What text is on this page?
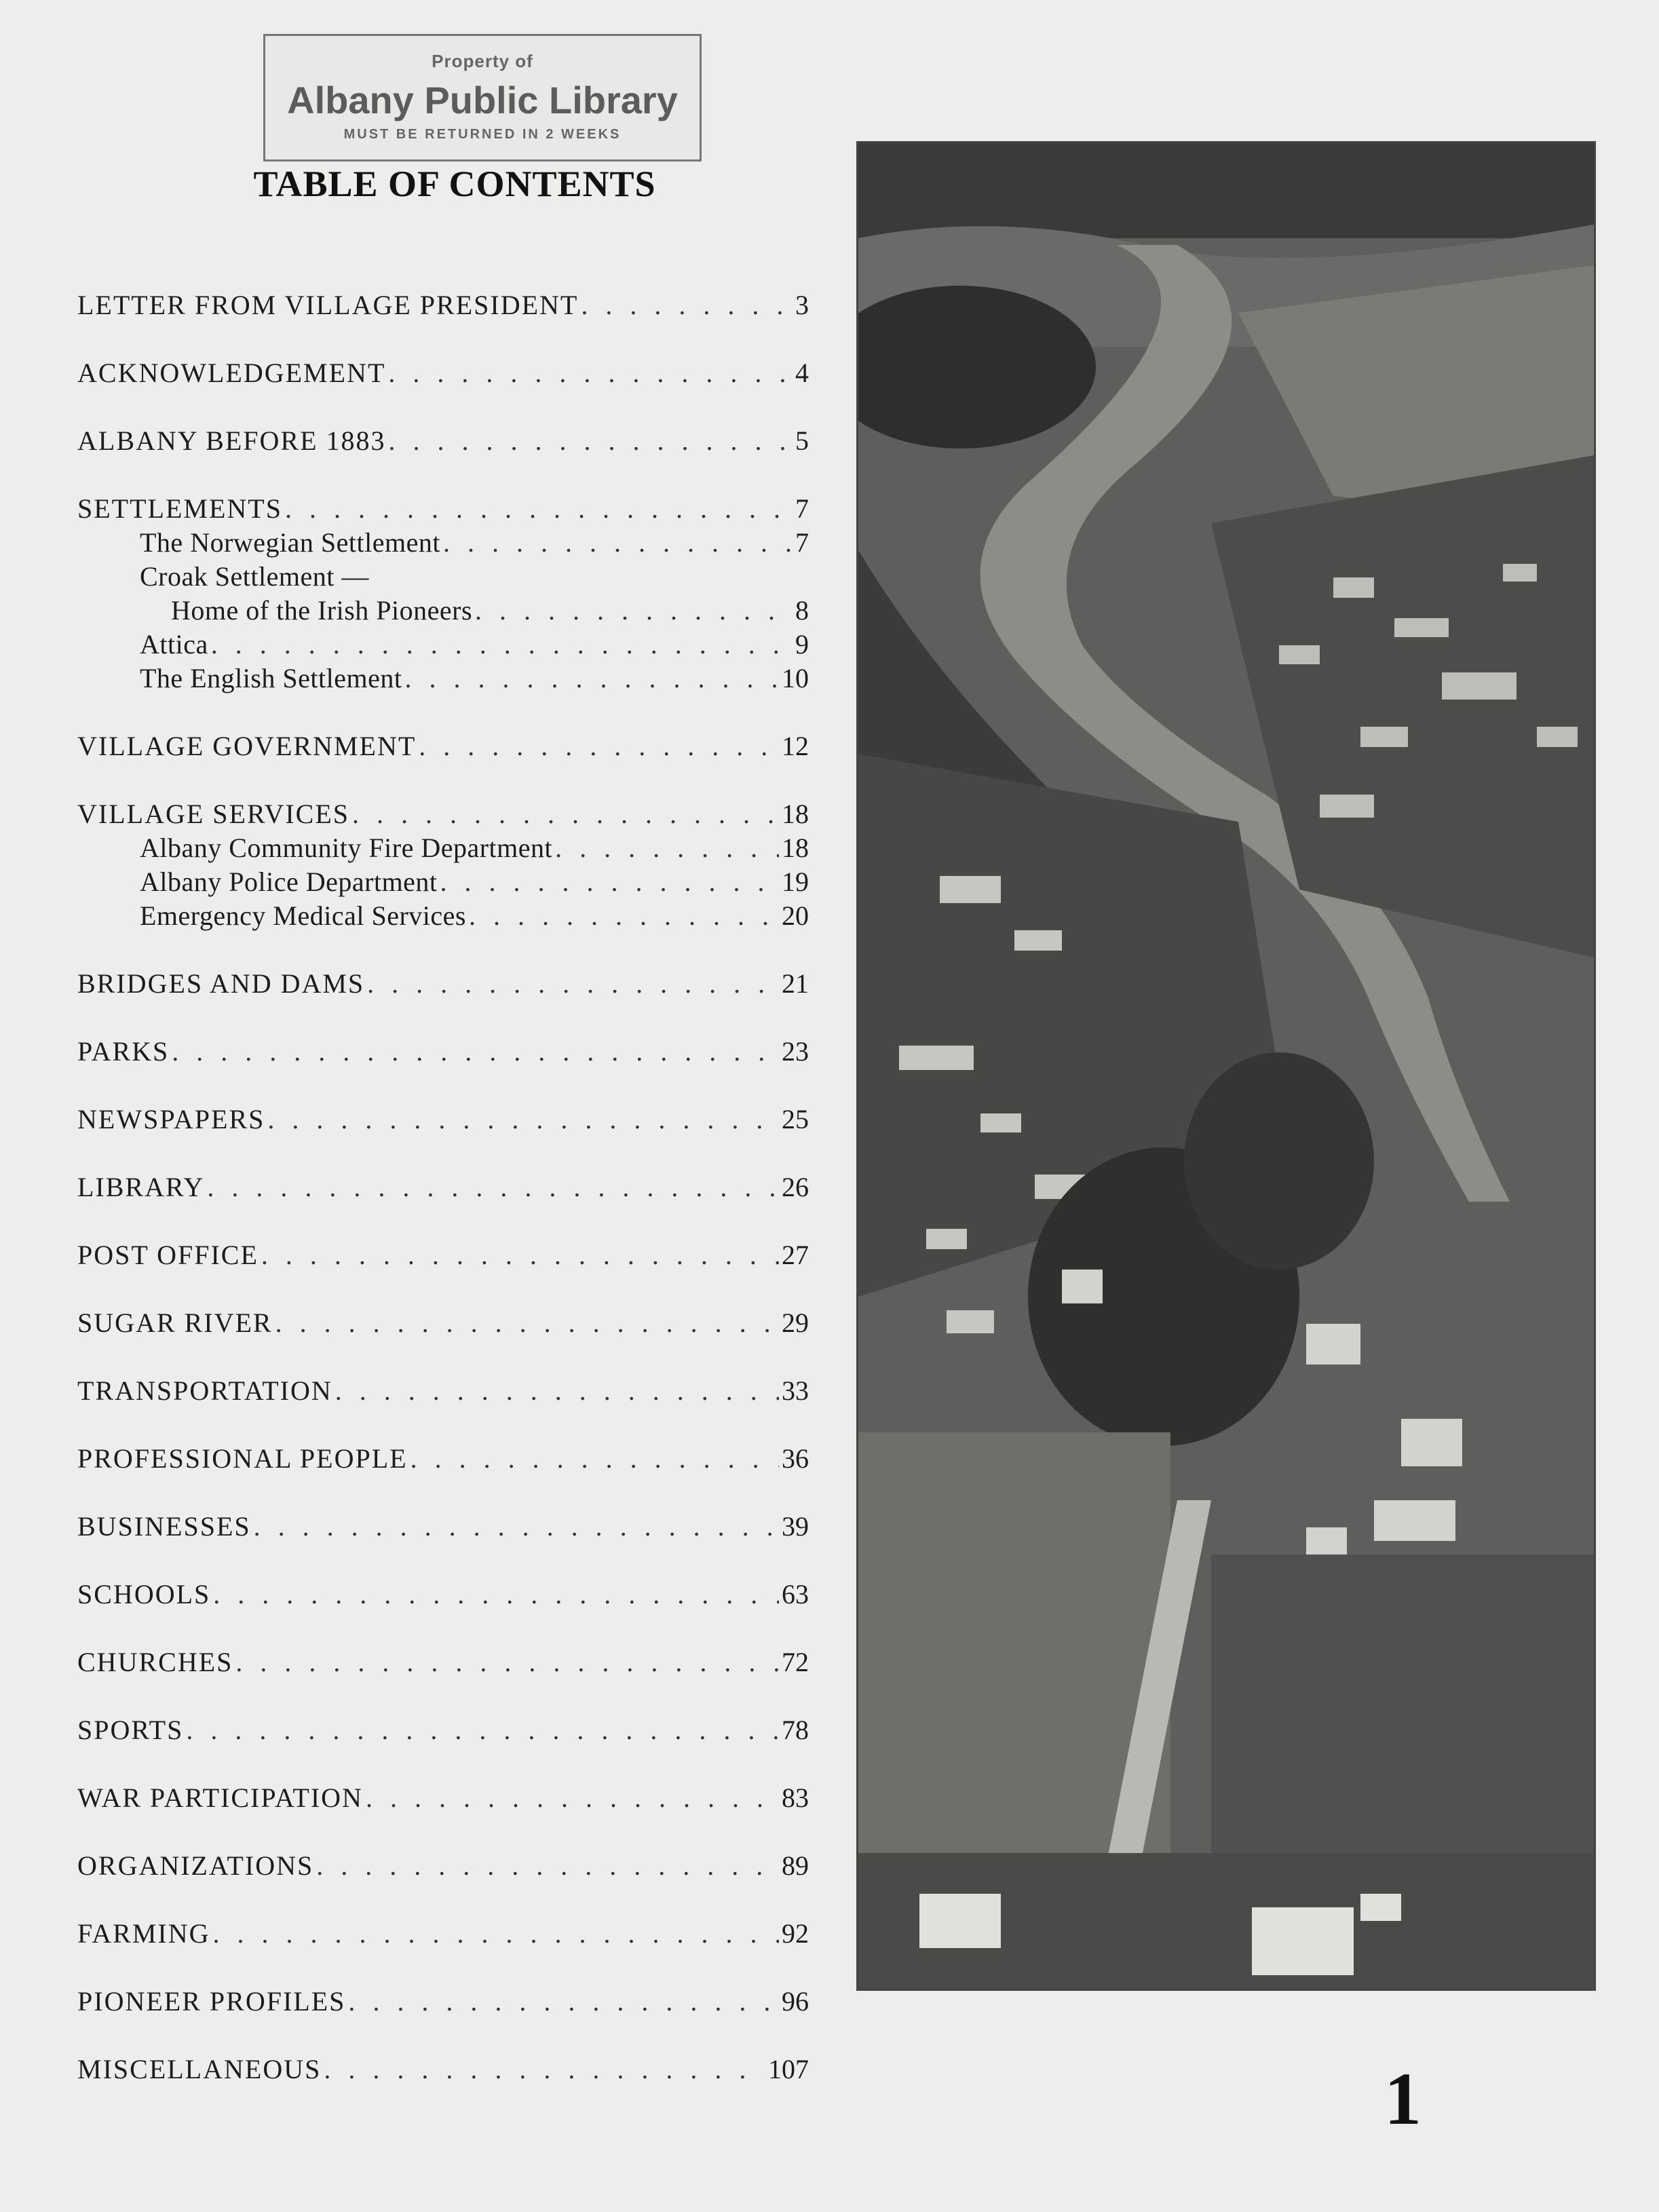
Property of
Albany Public Library
MUST BE RETURNED IN 2 WEEKS
TABLE OF CONTENTS
LETTER FROM VILLAGE PRESIDENT . . .	3
ACKNOWLEDGEMENT . . .	4
ALBANY BEFORE 1883 . . .	5
SETTLEMENTS . . .	7
The Norwegian Settlement . . .	7
Croak Settlement —
Home of the Irish Pioneers . . .	8
Attica . . .	9
The English Settlement . . .	10
VILLAGE GOVERNMENT . . .	12
VILLAGE SERVICES . . .	18
Albany Community Fire Department . . .	18
Albany Police Department . . .	19
Emergency Medical Services . . .	20
BRIDGES AND DAMS . . .	21
PARKS . . .	23
NEWSPAPERS . . .	25
LIBRARY . . .	26
POST OFFICE . . .	27
SUGAR RIVER . . .	29
TRANSPORTATION . . .	33
PROFESSIONAL PEOPLE . . .	36
BUSINESSES . . .	39
SCHOOLS . . .	63
CHURCHES . . .	72
SPORTS . . .	78
WAR PARTICIPATION . . .	83
ORGANIZATIONS . . .	89
FARMING . . .	92
PIONEER PROFILES . . .	96
MISCELLANEOUS . . .	107	1
